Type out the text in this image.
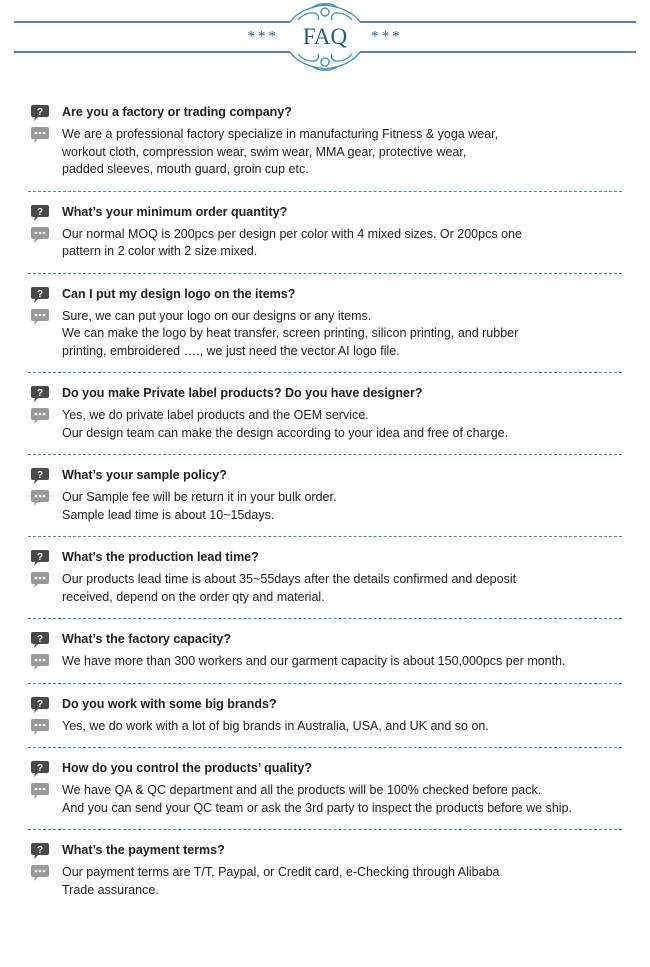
*** FAQ ***
? Are you a factory or trading company?
We are a professional factory specialize in manufacturing Fitness & yoga wear,
workout cloth, compression wear, swim wear, MMA gear, protective wear,
padded sleeves, mouth guard, groin cup etc.
? What’s your minimum order quantity?
Our normal MOQ is 200pcs per design per color with 4 mixed sizes. Or 200pcs one
pattern in 2 color with 2 size mixed.
? Can I put my design logo on the items?
Sure, we can put your logo on our designs or any items.
We can make the logo by heat transfer, screen printing, silicon printing, and rubber
printing, embroidered …., we just need the vector AI logo file.
? Do you make Private label products? Do you have designer?
Yes, we do private label products and the OEM service.
Our design team can make the design according to your idea and free of charge.
? What’s your sample policy?
Our Sample fee will be return it in your bulk order.
Sample lead time is about 10~15days.
? What’s the production lead time?
Our products lead time is about 35~55days after the details confirmed and deposit
received, depend on the order qty and material.
? What’s the factory capacity?
We have more than 300 workers and our garment capacity is about 150,000pcs per month.
? Do you work with some big brands?
Yes, we do work with a lot of big brands in Australia, USA, and UK and so on.
? How do you control the products’ quality?
We have QA & QC department and all the products will be 100% checked before pack.
And you can send your QC team or ask the 3rd party to inspect the products before we ship.
? What’s the payment terms?
Our payment terms are T/T, Paypal, or Credit card, e-Checking through Alibaba
Trade assurance.
